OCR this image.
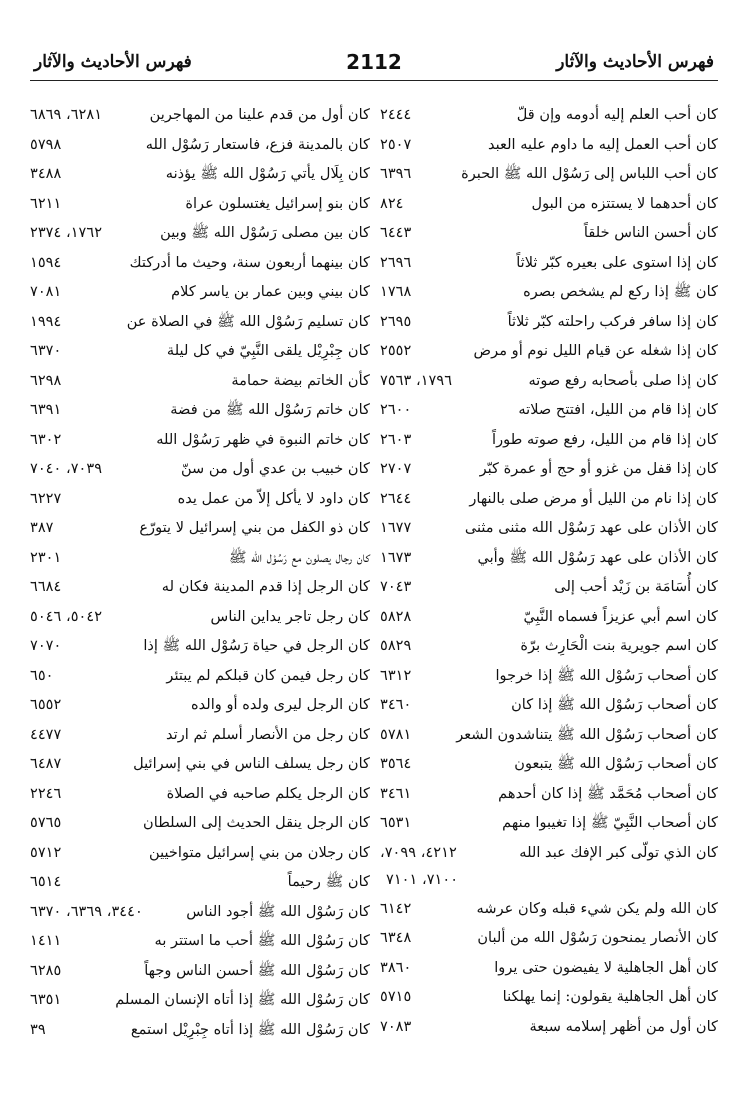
فهرس الأحاديث والآثار
2112
فهرس الأحاديث والآثار
كان أحب العلم إليه أدومه وإن قلّ
٢٤٤٤
كان أحب العمل إليه ما داوم عليه العبد
٢٥٠٧
كان أحب اللباس إلى رَسُوْل الله ﷺ الحبرة
٦٣٩٦
كان أحدهما لا يستتزه من البول
٨٢٤
كان أحسن الناس خلقاً
٦٤٤٣
كان إذا استوى على بعيره كبّر ثلاثاً
٢٦٩٦
كان ﷺ إذا ركع لم يشخص بصره
١٧٦٨
كان إذا سافر فركب راحلته كبّر ثلاثاً
٢٦٩٥
كان إذا شغله عن قيام الليل نوم أو مرض
٢٥٥٢
كان إذا صلى بأصحابه رفع صوته
١٧٩٦، ٧٥٦٣
كان إذا قام من الليل، افتتح صلاته
٢٦٠٠
كان إذا قام من الليل، رفع صوته طوراً
٢٦٠٣
كان إذا قفل من غزو أو حج أو عمرة كبّر
٢٧٠٧
كان إذا نام من الليل أو مرض صلى بالنهار
٢٦٤٤
كان الأذان على عهد رَسُوْل الله مثنى مثنى
١٦٧٧
كان الأذان على عهد رَسُوْل الله ﷺ وأبي
١٦٧٣
كان أُسَامَة بن زَيْد أحب إلى
٧٠٤٣
كان اسم أبي عزيزاً فسماه النَّبِيّ
٥٨٢٨
كان اسم جويرية بنت الْحَارِث برّة
٥٨٢٩
كان أصحاب رَسُوْل الله ﷺ إذا خرجوا
٦٣١٢
كان أصحاب رَسُوْل الله ﷺ إذا كان
٣٤٦٠
كان أصحاب رَسُوْل الله ﷺ يتناشدون الشعر
٥٧٨١
كان أصحاب رَسُوْل الله ﷺ يتبعون
٣٥٦٤
كان أصحاب مُحَمَّد ﷺ إذا كان أحدهم
٣٤٦١
كان أصحاب النَّبِيّ ﷺ إذا تغيبوا منهم
٦٥٣١
كان الذي تولّى كبر الإفك عبد الله
٤٢١٢، ٧٠٩٩،
٧١٠٠، ٧١٠١
كان الله ولم يكن شيء قبله وكان عرشه
٦١٤٢
كان الأنصار يمنحون رَسُوْل الله من ألبان
٦٣٤٨
كان أهل الجاهلية لا يفيضون حتى يروا
٣٨٦٠
كان أهل الجاهلية يقولون: إنما يهلكنا
٥٧١٥
كان أول من أظهر إسلامه سبعة
٧٠٨٣
كان أول من قدم علينا من المهاجرين
٦٢٨١، ٦٨٦٩
كان بالمدينة فزع، فاستعار رَسُوْل الله
٥٧٩٨
كان بِلَال يأتي رَسُوْل الله ﷺ يؤذنه
٣٤٨٨
كان بنو إسرائيل يغتسلون عراة
٦٢١١
كان بين مصلى رَسُوْل الله ﷺ وبين
١٧٦٢، ٢٣٧٤
كان بينهما أربعون سنة، وحيث ما أدركتك
١٥٩٤
كان بيني وبين عمار بن ياسر كلام
٧٠٨١
كان تسليم رَسُوْل الله ﷺ في الصلاة عن
١٩٩٤
كان جِبْرِيْل يلقى النَّبِيّ في كل ليلة
٦٣٧٠
كأن الخاتم بيضة حمامة
٦٢٩٨
كان خاتم رَسُوْل الله ﷺ من فضة
٦٣٩١
كان خاتم النبوة في ظهر رَسُوْل الله
٦٣٠٢
كان خبيب بن عدي أول من سنّ
٧٠٣٩، ٧٠٤٠
كان داود لا يأكل إلاّ من عمل يده
٦٢٢٧
كان ذو الكفل من بني إسرائيل لا يتورّع
٣٨٧
كان رجال يصلون مع رَسُوْل الله ﷺ
٢٣٠١
كان الرجل إذا قدم المدينة فكان له
٦٦٨٤
كان رجل تاجر يداين الناس
٥٠٤٢، ٥٠٤٦
كان الرجل في حياة رَسُوْل الله ﷺ إذا
٧٠٧٠
كان رجل فيمن كان قبلكم لم يبتئر
٦٥٠
كان الرجل ليرى ولده أو والده
٦٥٥٢
كان رجل من الأنصار أسلم ثم ارتد
٤٤٧٧
كان رجل يسلف الناس في بني إسرائيل
٦٤٨٧
كان الرجل يكلم صاحبه في الصلاة
٢٢٤٦
كان الرجل ينقل الحديث إلى السلطان
٥٧٦٥
كان رجلان من بني إسرائيل متواخيين
٥٧١٢
كان ﷺ رحيماً
٦٥١٤
كان رَسُوْل الله ﷺ أجود الناس
٣٤٤٠، ٦٣٦٩، ٦٣٧٠
كان رَسُوْل الله ﷺ أحب ما استتر به
١٤١١
كان رَسُوْل الله ﷺ أحسن الناس وجهاً
٦٢٨٥
كان رَسُوْل الله ﷺ إذا أتاه الإنسان المسلم
٦٣٥١
كان رَسُوْل الله ﷺ إذا أتاه جِبْرِيْل استمع
٣٩
